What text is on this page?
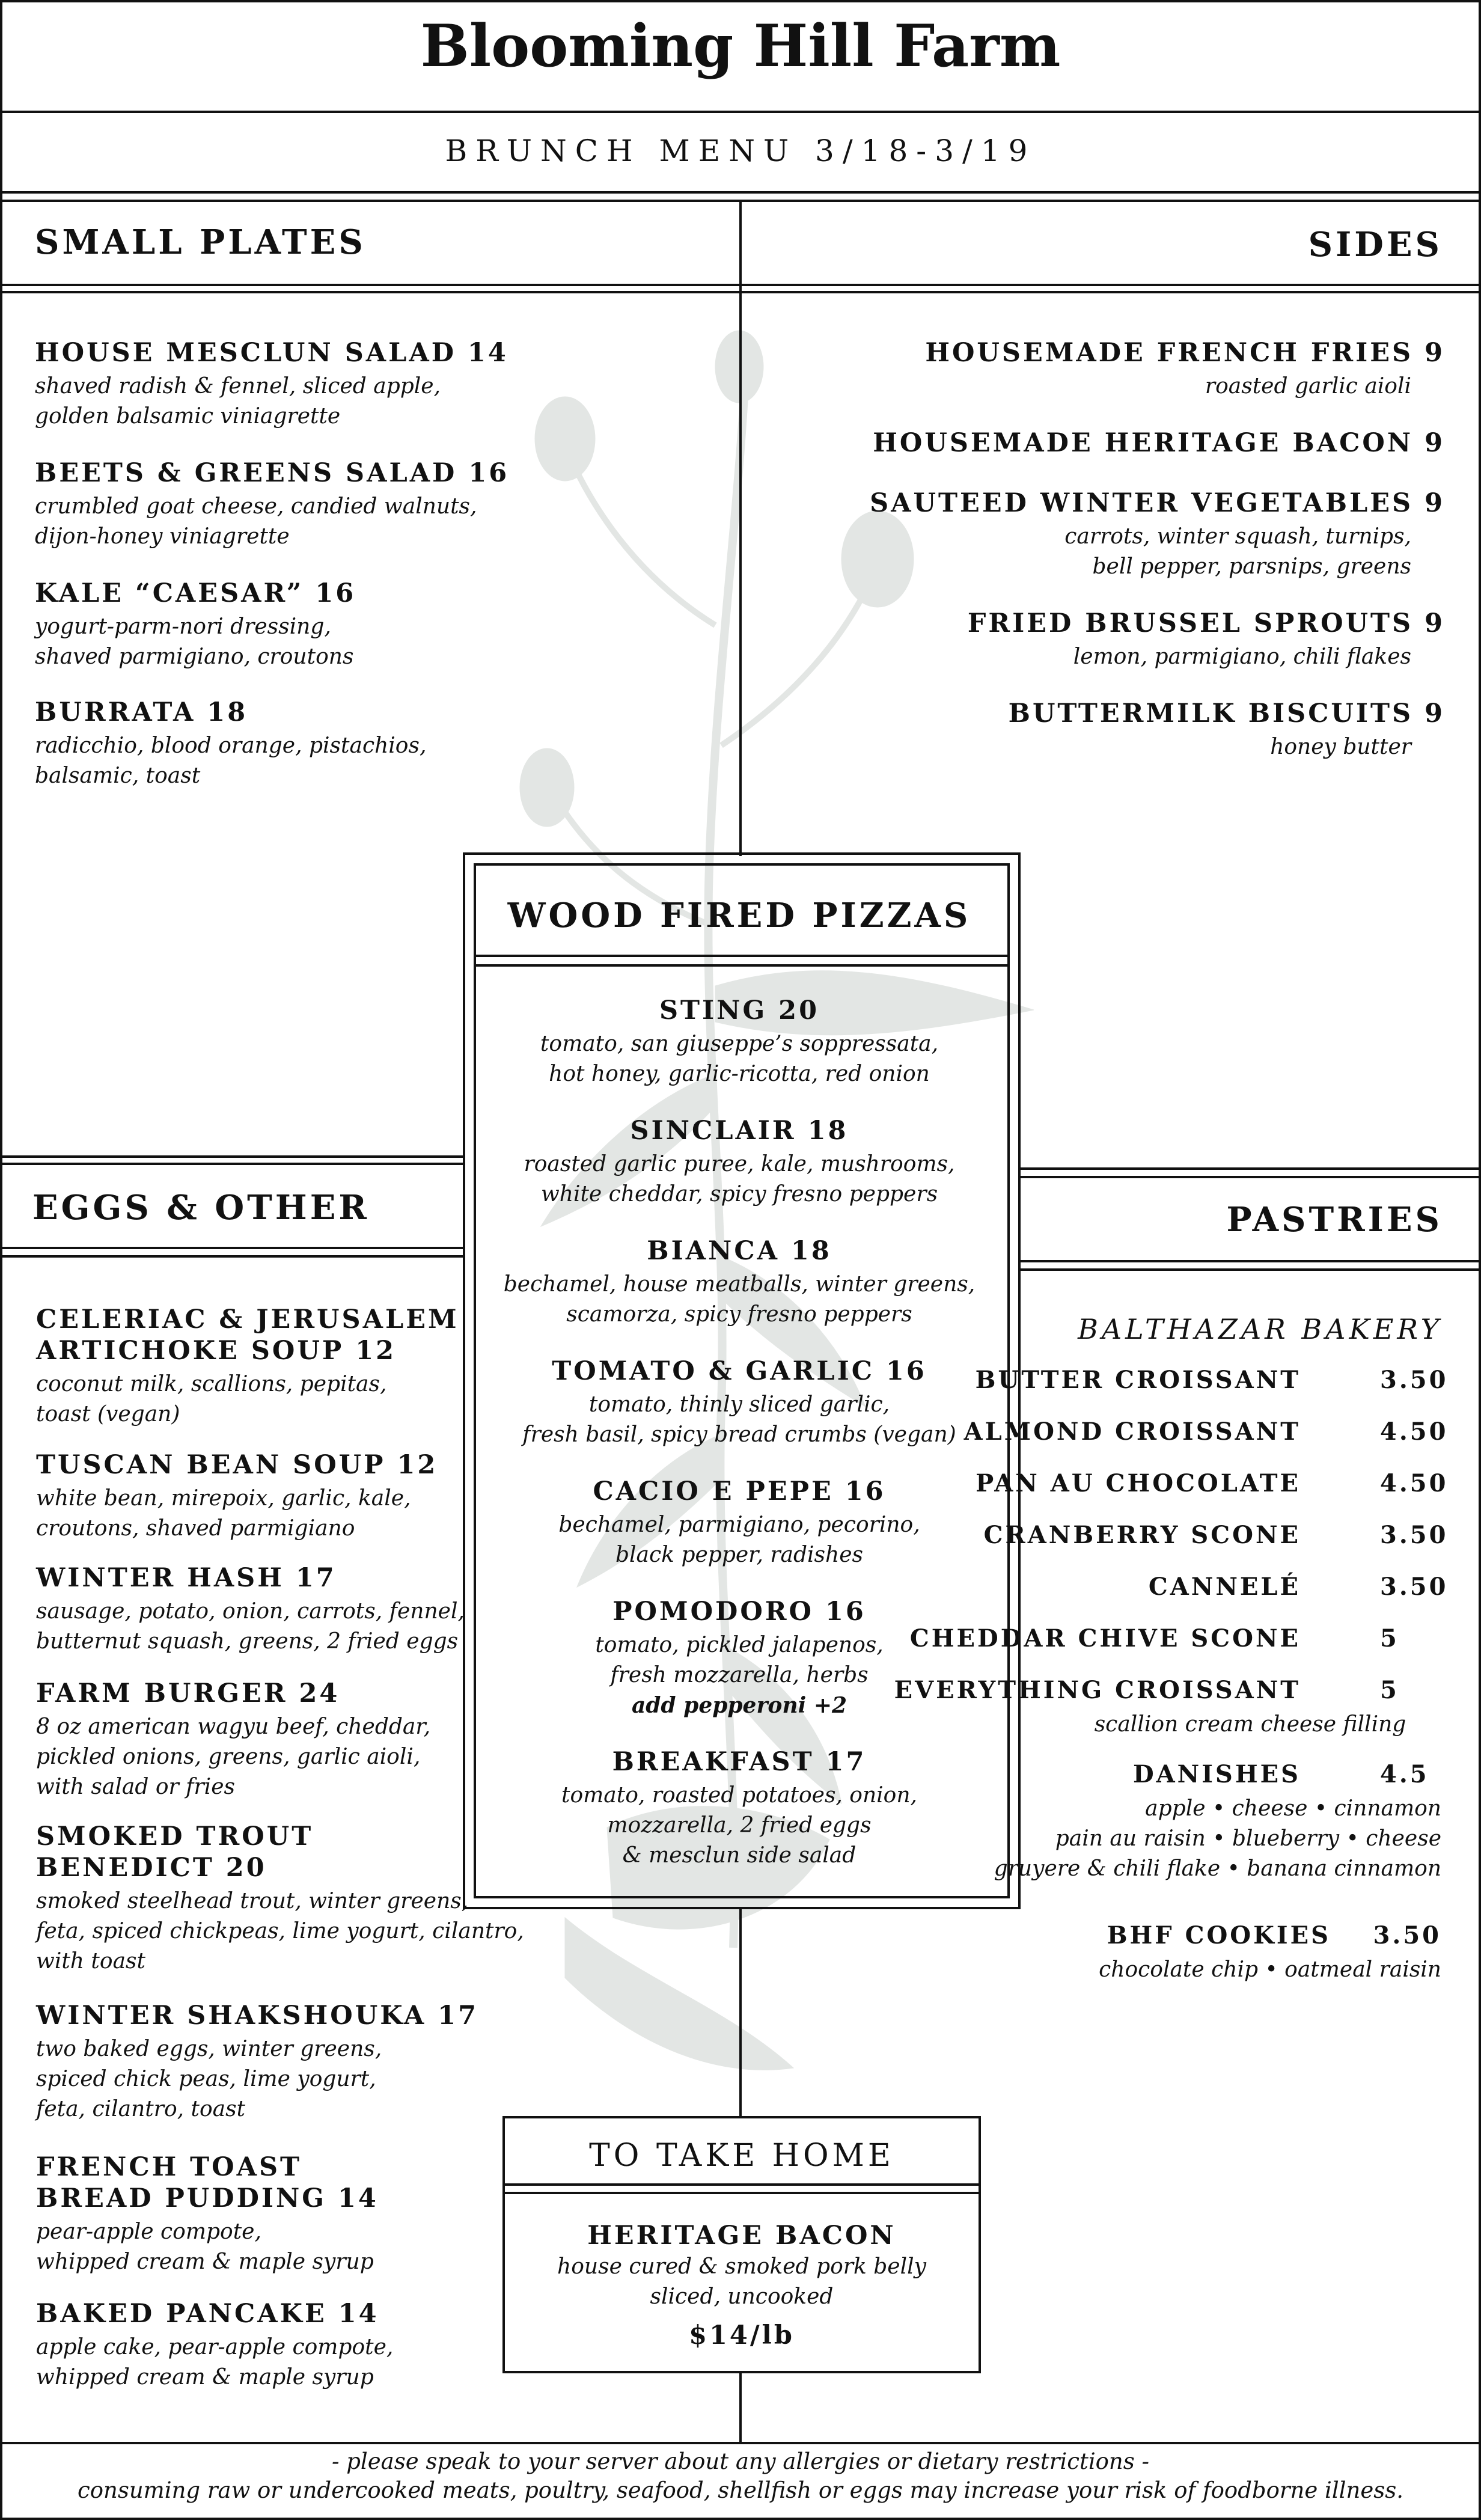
Blooming Hill Farm
BRUNCH MENU 3/18-3/19
SMALL PLATES	SIDES
HOUSE MESCLUN SALAD 14
shaved radish & fennel, sliced apple,
golden balsamic viniagrette
BEETS & GREENS SALAD 16
crumbled goat cheese, candied walnuts,
dijon-honey viniagrette
KALE “CAESAR” 16
yogurt-parm-nori dressing,
shaved parmigiano, croutons
BURRATA 18
radicchio, blood orange, pistachios,
balsamic, toast
HOUSEMADE FRENCH FRIES 9
roasted garlic aioli
HOUSEMADE HERITAGE BACON 9
SAUTEED WINTER VEGETABLES 9
carrots, winter squash, turnips,
bell pepper, parsnips, greens
FRIED BRUSSEL SPROUTS 9
lemon, parmigiano, chili flakes
BUTTERMILK BISCUITS 9
honey butter
EGGS & OTHER
CELERIAC & JERUSALEM
ARTICHOKE SOUP 12
coconut milk, scallions, pepitas,
toast (vegan)
TUSCAN BEAN SOUP 12
white bean, mirepoix, garlic, kale,
croutons, shaved parmigiano
WINTER HASH 17
sausage, potato, onion, carrots, fennel,
butternut squash, greens, 2 fried eggs
FARM BURGER 24
8 oz american wagyu beef, cheddar,
pickled onions, greens, garlic aioli,
with salad or fries
SMOKED TROUT
BENEDICT 20
smoked steelhead trout, winter greens,
feta, spiced chickpeas, lime yogurt, cilantro,
with toast
WINTER SHAKSHOUKA 17
two baked eggs, winter greens,
spiced chick peas, lime yogurt,
feta, cilantro, toast
FRENCH TOAST
BREAD PUDDING 14
pear-apple compote,
whipped cream & maple syrup
BAKED PANCAKE 14
apple cake, pear-apple compote,
whipped cream & maple syrup
PASTRIES
BALTHAZAR BAKERY
BUTTER CROISSANT	3.50
ALMOND CROISSANT	4.50
PAN AU CHOCOLATE	4.50
CRANBERRY SCONE	3.50
CANNELÉ	3.50
CHEDDAR CHIVE SCONE	5
EVERYTHING CROISSANT	5
scallion cream cheese filling
DANISHES	4.5
apple • cheese • cinnamon
pain au raisin • blueberry • cheese
gruyere & chili flake • banana cinnamon
BHF COOKIES 3.50
chocolate chip • oatmeal raisin
WOOD FIRED PIZZAS
STING 20
tomato, san giuseppe’s soppressata,
hot honey, garlic-ricotta, red onion
SINCLAIR 18
roasted garlic puree, kale, mushrooms,
white cheddar, spicy fresno peppers
BIANCA 18
bechamel, house meatballs, winter greens,
scamorza, spicy fresno peppers
TOMATO & GARLIC 16
tomato, thinly sliced garlic,
fresh basil, spicy bread crumbs (vegan)
CACIO E PEPE 16
bechamel, parmigiano, pecorino,
black pepper, radishes
POMODORO 16
tomato, pickled jalapenos,
fresh mozzarella, herbs
add pepperoni +2
BREAKFAST 17
tomato, roasted potatoes, onion,
mozzarella, 2 fried eggs
& mesclun side salad
TO TAKE HOME
HERITAGE BACON
house cured & smoked pork belly
sliced, uncooked
$14/lb
- please speak to your server about any allergies or dietary restrictions -
consuming raw or undercooked meats, poultry, seafood, shellfish or eggs may increase your risk of foodborne illness.
